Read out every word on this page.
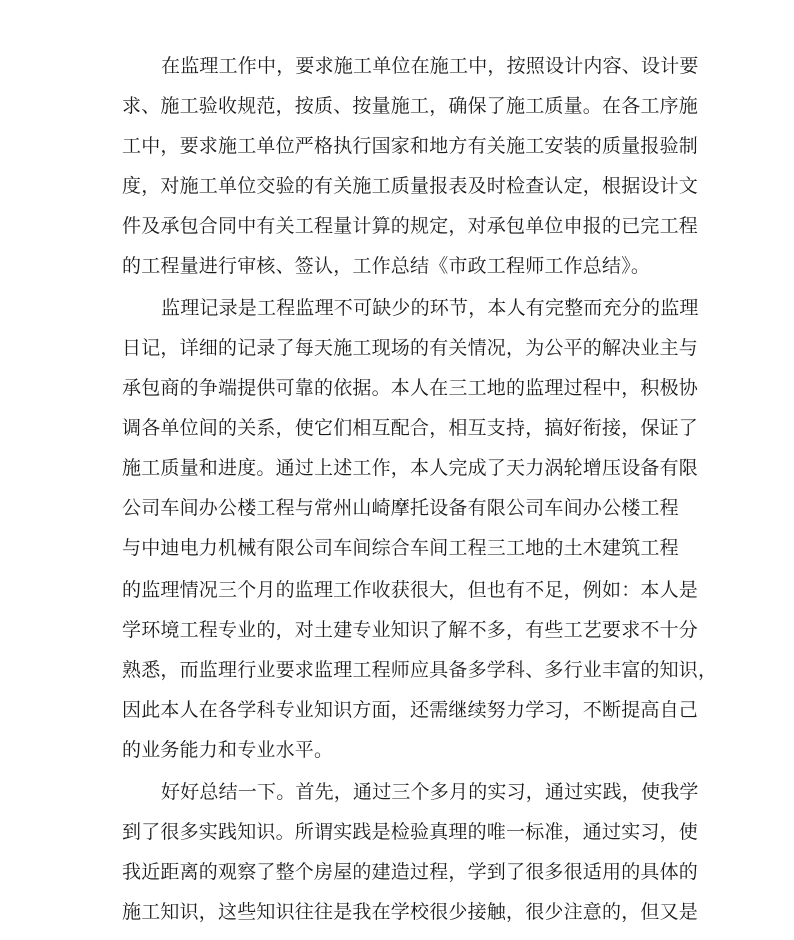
在监理工作中，要求施工单位在施工中，按照设计内容、设计要
求、施工验收规范，按质、按量施工，确保了施工质量。在各工序施
工中，要求施工单位严格执行国家和地方有关施工安装的质量报验制
度，对施工单位交验的有关施工质量报表及时检查认定，根据设计文
件及承包合同中有关工程量计算的规定，对承包单位申报的已完工程
的工程量进行审核、签认，工作总结《市政工程师工作总结》。
监理记录是工程监理不可缺少的环节，本人有完整而充分的监理
日记，详细的记录了每天施工现场的有关情况，为公平的解决业主与
承包商的争端提供可靠的依据。本人在三工地的监理过程中，积极协
调各单位间的关系，使它们相互配合，相互支持，搞好衔接，保证了
施工质量和进度。通过上述工作，本人完成了天力涡轮增压设备有限
公司车间办公楼工程与常州山崎摩托设备有限公司车间办公楼工程
与中迪电力机械有限公司车间综合车间工程三工地的土木建筑工程
的监理情况三个月的监理工作收获很大，但也有不足，例如：本人是
学环境工程专业的，对土建专业知识了解不多，有些工艺要求不十分
熟悉，而监理行业要求监理工程师应具备多学科、多行业丰富的知识，
因此本人在各学科专业知识方面，还需继续努力学习，不断提高自己
的业务能力和专业水平。
好好总结一下。首先，通过三个多月的实习，通过实践，使我学
到了很多实践知识。所谓实践是检验真理的唯一标准，通过实习，使
我近距离的观察了整个房屋的建造过程，学到了很多很适用的具体的
施工知识，这些知识往往是我在学校很少接触，很少注意的，但又是
